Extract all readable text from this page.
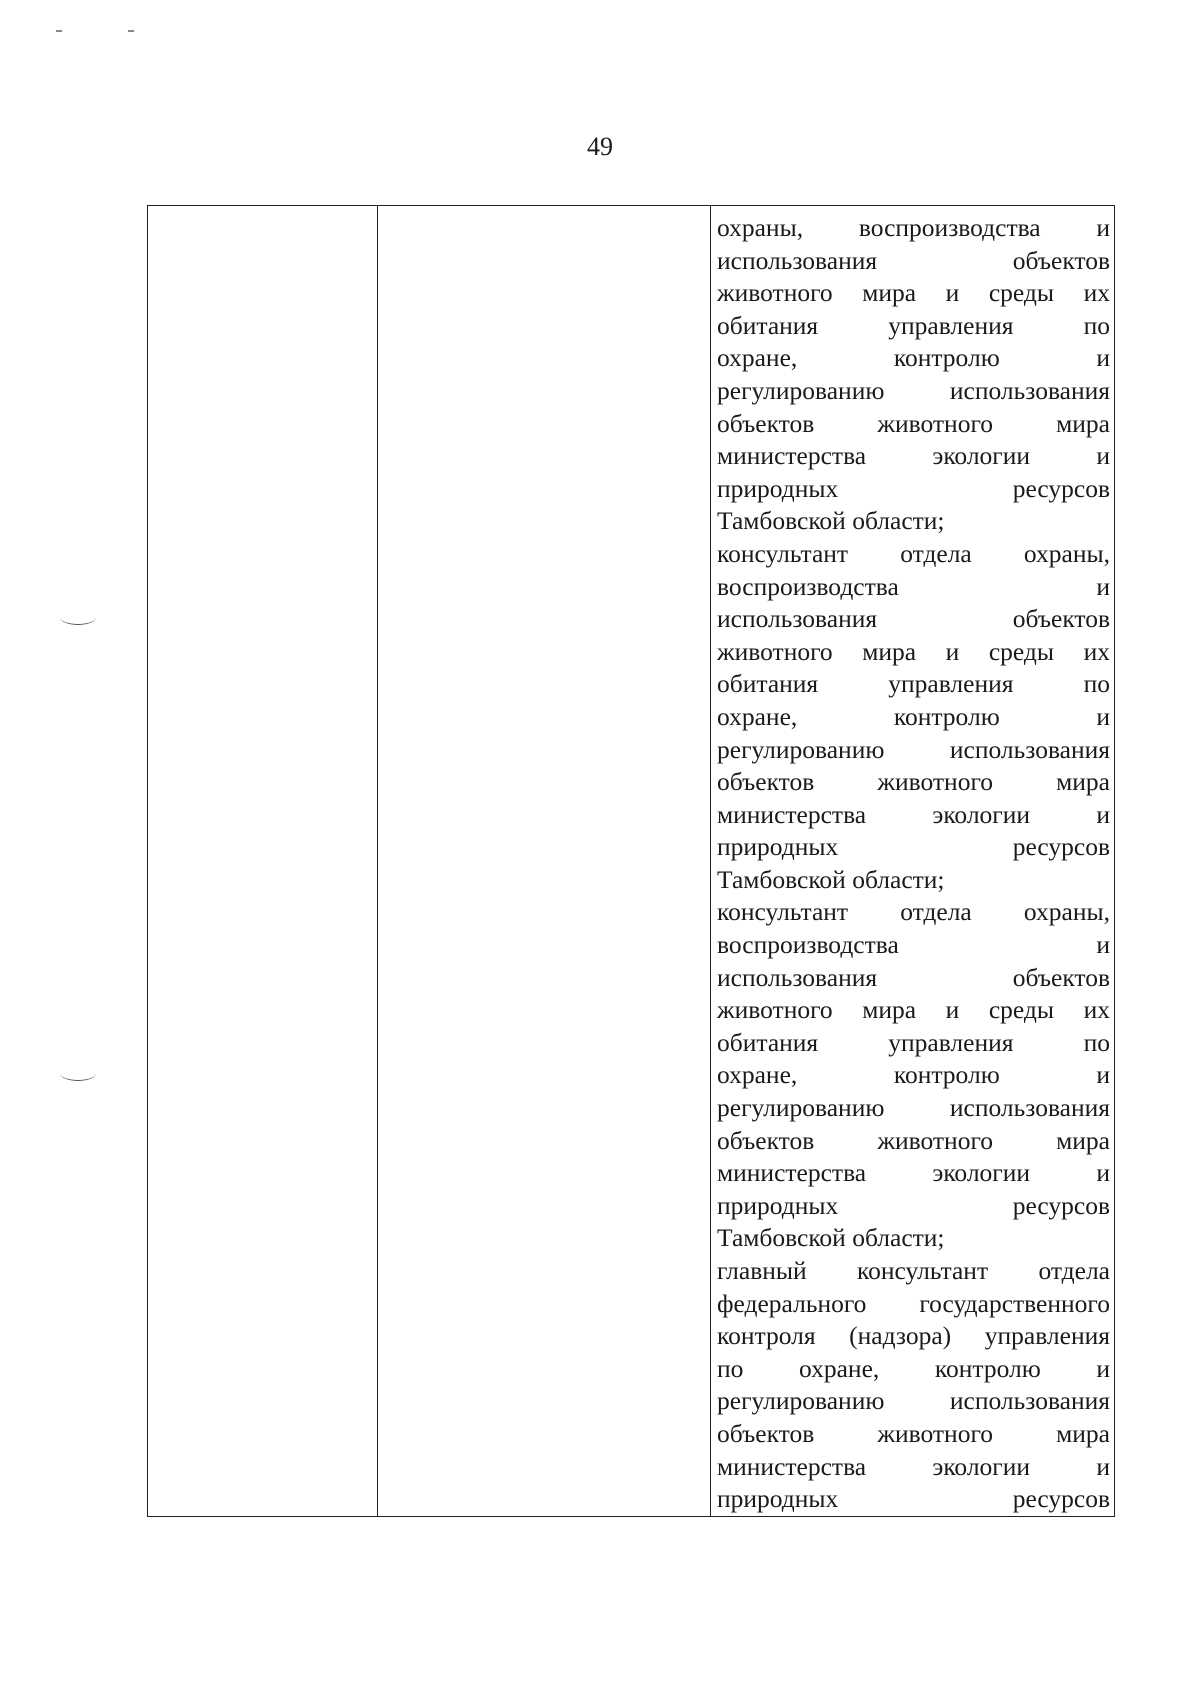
49

охраны, воспроизводства и
использования объектов
животного мира и среды их
обитания управления по
охране, контролю и
регулированию использования
объектов животного мира
министерства экологии и
природных ресурсов
Тамбовской области;
консультант отдела охраны,
воспроизводства и
использования объектов
животного мира и среды их
обитания управления по
охране, контролю и
регулированию использования
объектов животного мира
министерства экологии и
природных ресурсов
Тамбовской области;
консультант отдела охраны,
воспроизводства и
использования объектов
животного мира и среды их
обитания управления по
охране, контролю и
регулированию использования
объектов животного мира
министерства экологии и
природных ресурсов
Тамбовской области;
главный консультант отдела
федерального государственного
контроля (надзора) управления
по охране, контролю и
регулированию использования
объектов животного мира
министерства экологии и
природных ресурсов
